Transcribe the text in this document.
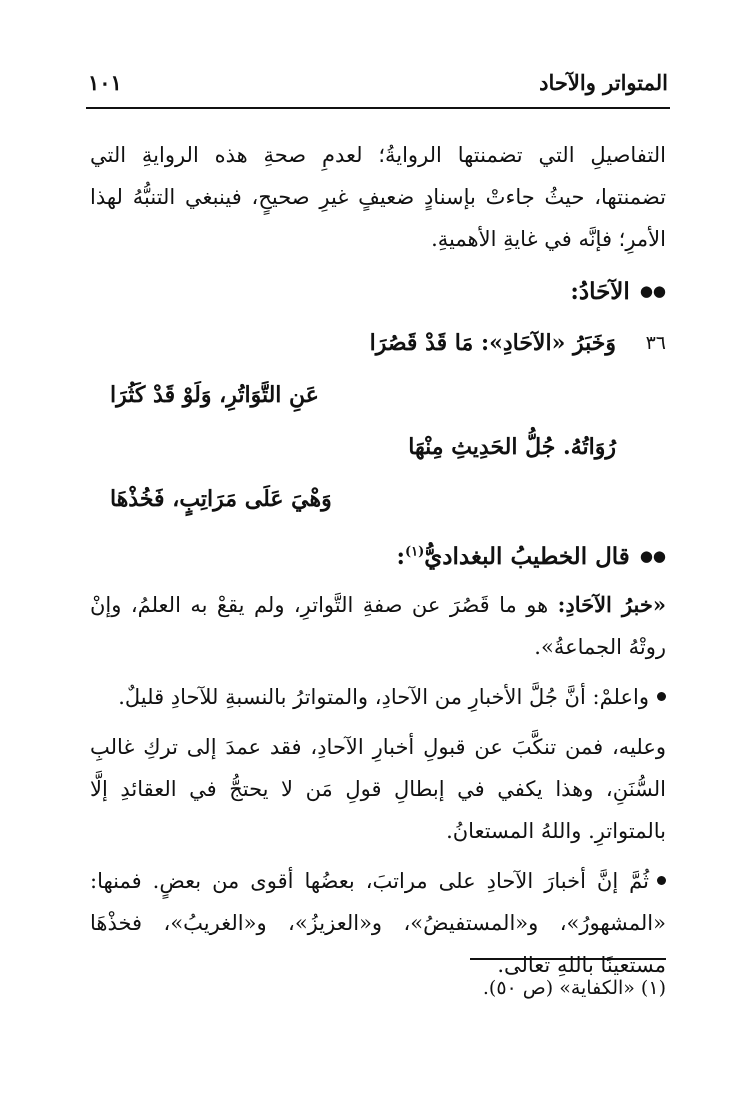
المتواتر والآحاد
١٠١

التفاصيلِ التي تضمنتها الروايةُ؛ لعدمِ صحةِ هذه الروايةِ التي تضمنتها، حيثُ جاءتْ بإسنادٍ ضعيفٍ غيرِ صحيحٍ، فينبغي التنبُّهُ لهذا الأمرِ؛ فإنَّه في غايةِ الأهميةِ.

●●الآحَادُ:
٣٦
وَخَبَرُ «الآحَادِ»: مَا قَدْ قَصُرَا
عَنِ التَّوَاتُرِ، وَلَوْ قَدْ كَثُرَا
رُوَاتُهُ. جُلُّ الحَدِيثِ مِنْهَا
وَهْيَ عَلَى مَرَاتِبٍ، فَخُذْهَا
●●قال الخطيبُ البغداديُّ$^{(١)}$:

«خبرُ الآحَادِ: هو ما قَصُرَ عن صفةِ التَّواترِ، ولم يقعْ به العلمُ، وإنْ روتْهُ الجماعةُ».

واعلمْ: أنَّ جُلَّ الأخبارِ من الآحادِ، والمتواترُ بالنسبةِ للآحادِ قليلٌ.

وعليه، فمن تنكَّبَ عن قبولِ أخبارِ الآحادِ، فقد عمدَ إلى تركِ غالبِ السُّنَنِ، وهذا يكفي في إبطالِ قولِ مَن لا يحتجُّ في العقائدِ إلَّا بالمتواترِ. واللهُ المستعانُ.

ثُمَّ إنَّ أخبارَ الآحادِ على مراتبَ، بعضُها أقوى من بعضٍ. فمنها: «المشهورُ»، و«المستفيضُ»، و«العزيزُ»، و«الغريبُ»، فخذْهَا مستعينًا باللهِ تعالى.

(١) «الكفاية» (ص ٥٠).
